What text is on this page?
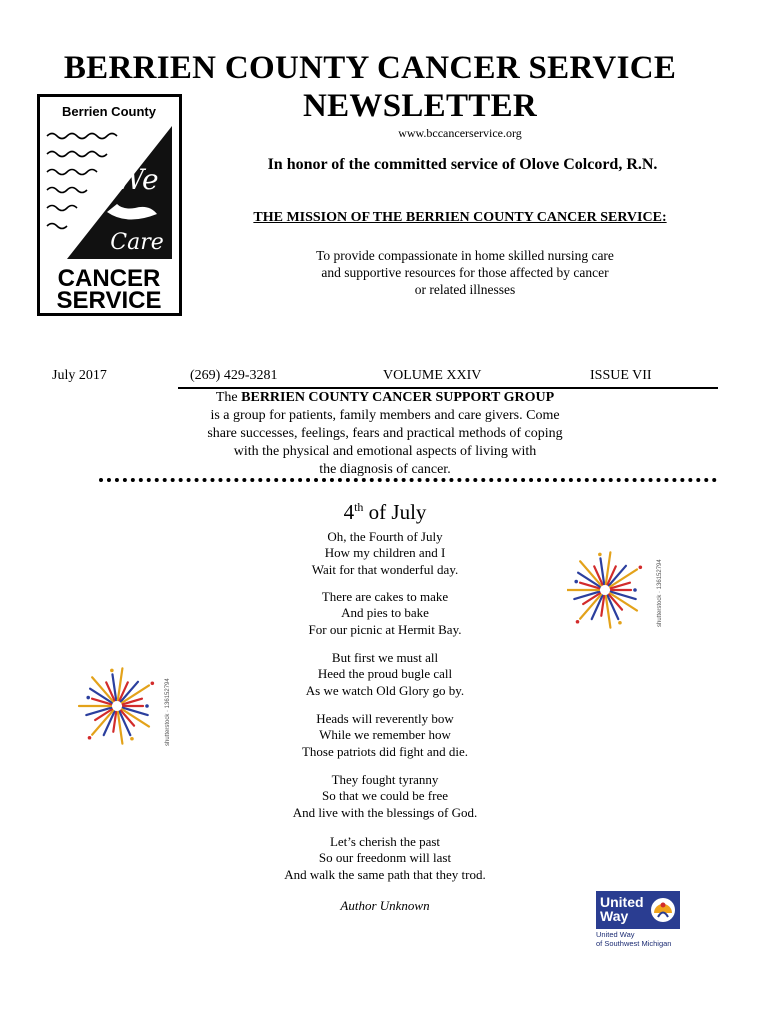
BERRIEN COUNTY CANCER SERVICE
NEWSLETTER
www.bccancerservice.org
In honor of the committed service of Olove Colcord, R.N.
Berrien County
We
Care
CANCER
SERVICE
THE MISSION OF THE BERRIEN COUNTY CANCER SERVICE:
To provide compassionate in home skilled nursing care
and supportive resources for those affected by cancer
or related illnesses
July 2017	(269) 429-3281	VOLUME XXIV	ISSUE VII
The BERRIEN COUNTY CANCER SUPPORT GROUP
is a group for patients, family members and care givers. Come
share successes, feelings, fears and practical methods of coping
with the physical and emotional aspects of living with
the diagnosis of cancer.
4th of July
Oh, the Fourth of July
How my children and I
Wait for that wonderful day.
There are cakes to make
And pies to bake
For our picnic at Hermit Bay.
But first we must all
Heed the proud bugle call
As we watch Old Glory go by.
Heads will reverently bow
While we remember how
Those patriots did fight and die.
They fought tyranny
So that we could be free
And live with the blessings of God.
Let’s cherish the past
So our freedonm will last
And walk the same path that they trod.
Author Unknown
shutterstock · 136152794
shutterstock · 136152794
United
Way
United Way
of Southwest Michigan
